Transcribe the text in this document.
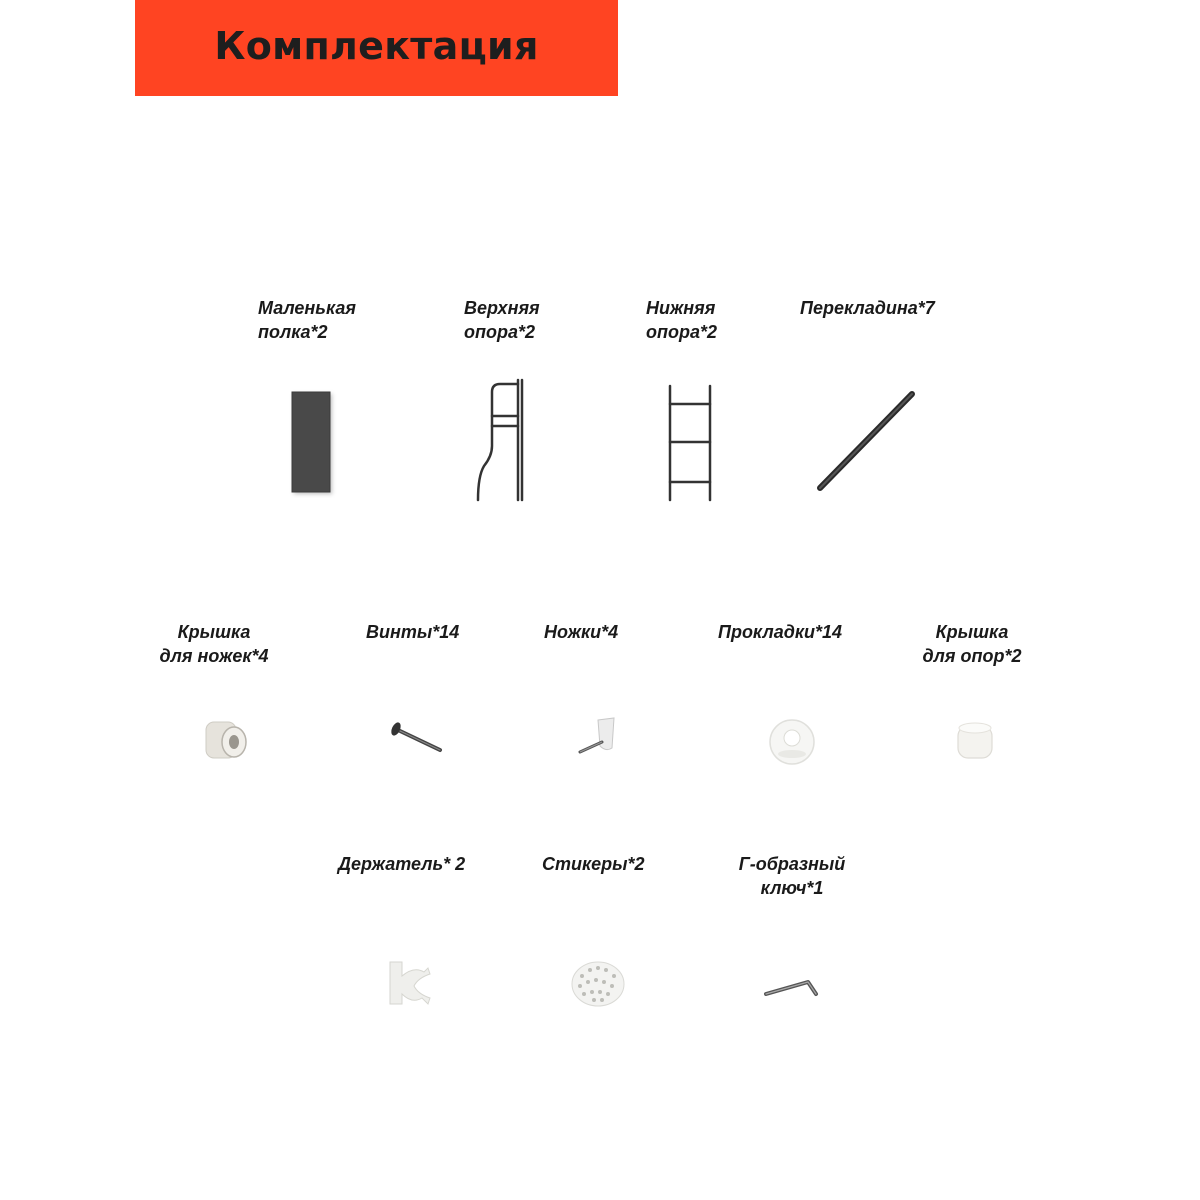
Комплектация
Маленькая
полка*2
Верхняя
опора*2
Нижняя
опора*2
Перекладина*7
Крышка
для ножек*4
Винты*14	Ножки*4	Прокладки*14	Крышка
для опор*2
Держатель* 2	Стикеры*2	Г-образный
ключ*1
